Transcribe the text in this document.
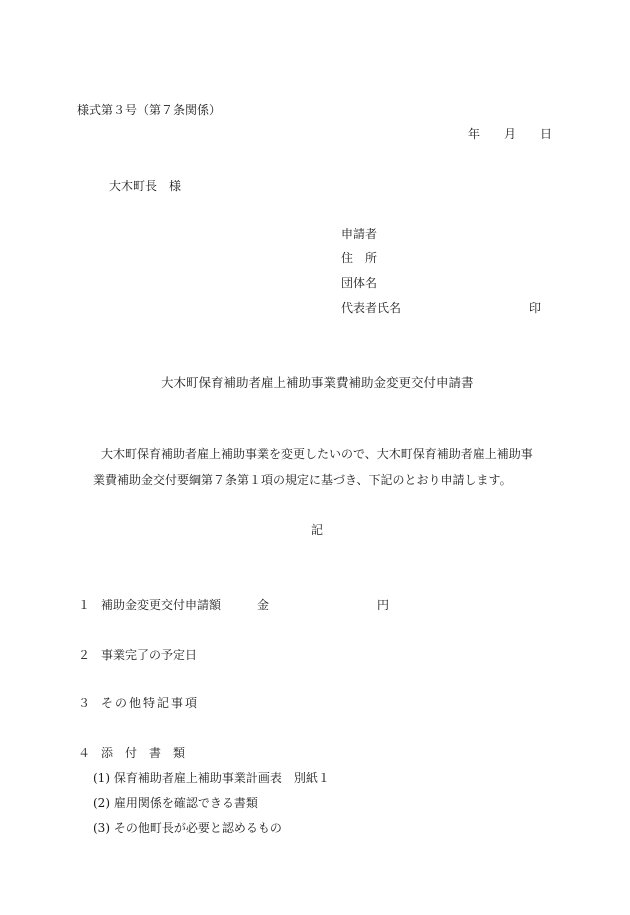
様式第３号（第７条関係）
年　　月　　日
大木町長　様
申請者
住　所
団体名
代表者氏名	印
大木町保育補助者雇上補助事業費補助金変更交付申請書
大木町保育補助者雇上補助事業を変更したいので、大木町保育補助者雇上補助事
業費補助金交付要綱第７条第１項の規定に基づき、下記のとおり申請します。
記
１ 補助金変更交付申請額	金	円
２ 事業完了の予定日
３ その他特記事項
４ 添　付　書　類
(1) 保育補助者雇上補助事業計画表　別紙１
(2) 雇用関係を確認できる書類
(3) その他町長が必要と認めるもの
